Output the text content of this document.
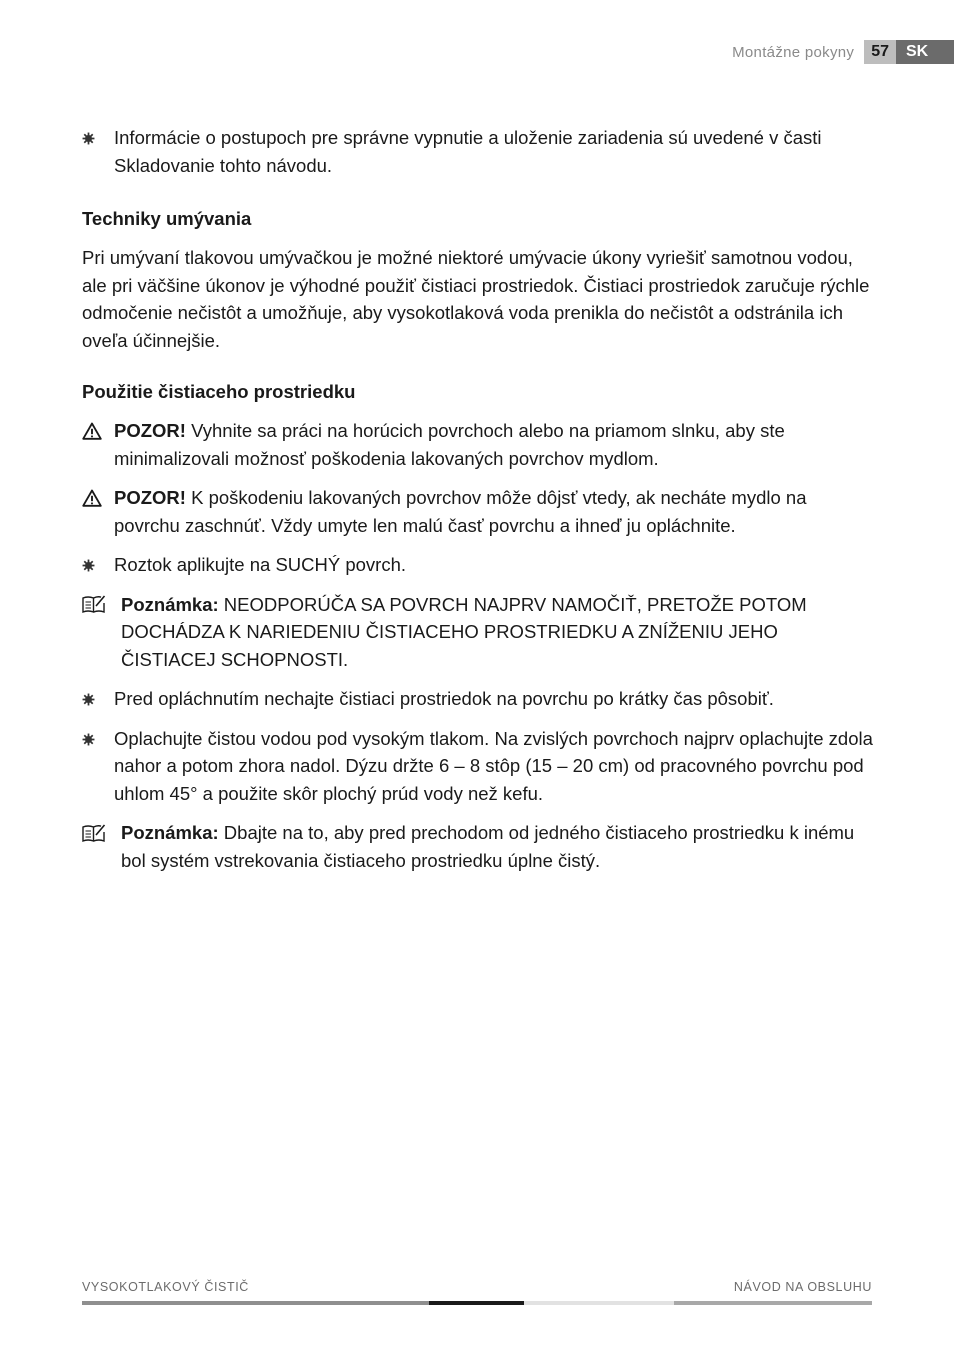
Montážne pokyny	57	SK
Informácie o postupoch pre správne vypnutie a uloženie zariadenia sú uvedené v časti Skladovanie tohto návodu.
Techniky umývania

Pri umývaní tlakovou umývačkou je možné niektoré umývacie úkony vyriešiť samotnou vodou, ale pri väčšine úkonov je výhodné použiť čistiaci prostriedok. Čistiaci prostriedok zaručuje rýchle odmočenie nečistôt a umožňuje, aby vysokotlaková voda prenikla do nečistôt a odstránila ich oveľa účinnejšie.

Použitie čistiaceho prostriedku
POZOR! Vyhnite sa práci na horúcich povrchoch alebo na priamom slnku, aby ste minimalizovali možnosť poškodenia lakovaných povrchov mydlom.
POZOR! K poškodeniu lakovaných povrchov môže dôjsť vtedy, ak necháte mydlo na povrchu zaschnúť. Vždy umyte len malú časť povrchu a ihneď ju opláchnite.
Roztok aplikujte na SUCHÝ povrch.
Poznámka: NEODPORÚČA SA POVRCH NAJPRV NAMOČIŤ, PRETOŽE POTOM DOCHÁDZA K NARIEDENIU ČISTIACEHO PROSTRIEDKU A ZNÍŽENIU JEHO ČISTIACEJ SCHOPNOSTI.
Pred opláchnutím nechajte čistiaci prostriedok na povrchu po krátky čas pôsobiť.
Oplachujte čistou vodou pod vysokým tlakom. Na zvislých povrchoch najprv oplachujte zdola nahor a potom zhora nadol. Dýzu držte 6 – 8 stôp (15 – 20 cm) od pracovného povrchu pod uhlom 45° a použite skôr plochý prúd vody než kefu.
Poznámka: Dbajte na to, aby pred prechodom od jedného čistiaceho prostriedku k inému bol systém vstrekovania čistiaceho prostriedku úplne čistý.
VYSOKOTLAKOVÝ ČISTIČ	NÁVOD NA OBSLUHU
